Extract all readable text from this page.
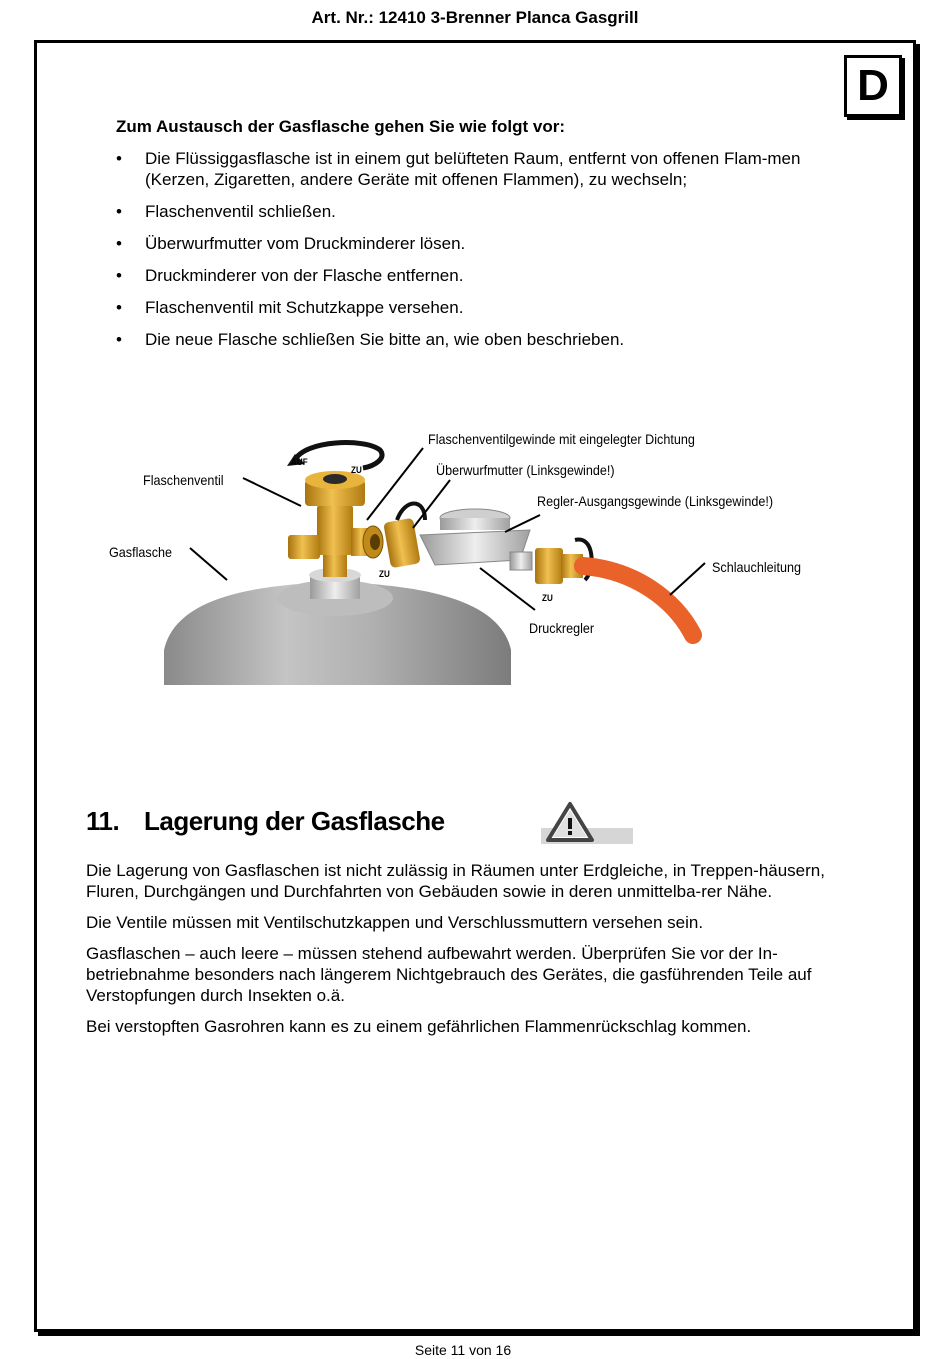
Art. Nr.: 12410 3-Brenner Planca Gasgrill
D
Zum Austausch der Gasflasche gehen Sie wie folgt vor:
• Die Flüssiggasflasche ist in einem gut belüfteten Raum, entfernt von offenen Flam-men (Kerzen, Zigaretten, andere Geräte mit offenen Flammen), zu wechseln;
• Flaschenventil schließen.
• Überwurfmutter vom Druckminderer lösen.
• Druckminderer von der Flasche entfernen.
• Flaschenventil mit Schutzkappe versehen.
• Die neue Flasche schließen Sie bitte an, wie oben beschrieben.
Flaschenventilgewinde mit eingelegter Dichtung
Überwurfmutter (Linksgewinde!)
Regler-Ausgangsgewinde (Linksgewinde!)
Flaschenventil
Gasflasche
Schlauchleitung
Druckregler
AUF
ZU
ZU
ZU
11. Lagerung der Gasflasche

Die Lagerung von Gasflaschen ist nicht zulässig in Räumen unter Erdgleiche, in Treppen-häusern, Fluren, Durchgängen und Durchfahrten von Gebäuden sowie in deren unmittelba-rer Nähe.

Die Ventile müssen mit Ventilschutzkappen und Verschlussmuttern versehen sein.

Gasflaschen – auch leere – müssen stehend aufbewahrt werden. Überprüfen Sie vor der In-betriebnahme besonders nach längerem Nichtgebrauch des Gerätes, die gasführenden Teile auf Verstopfungen durch Insekten o.ä.

Bei verstopften Gasrohren kann es zu einem gefährlichen Flammenrückschlag kommen.

Seite 11 von 16
